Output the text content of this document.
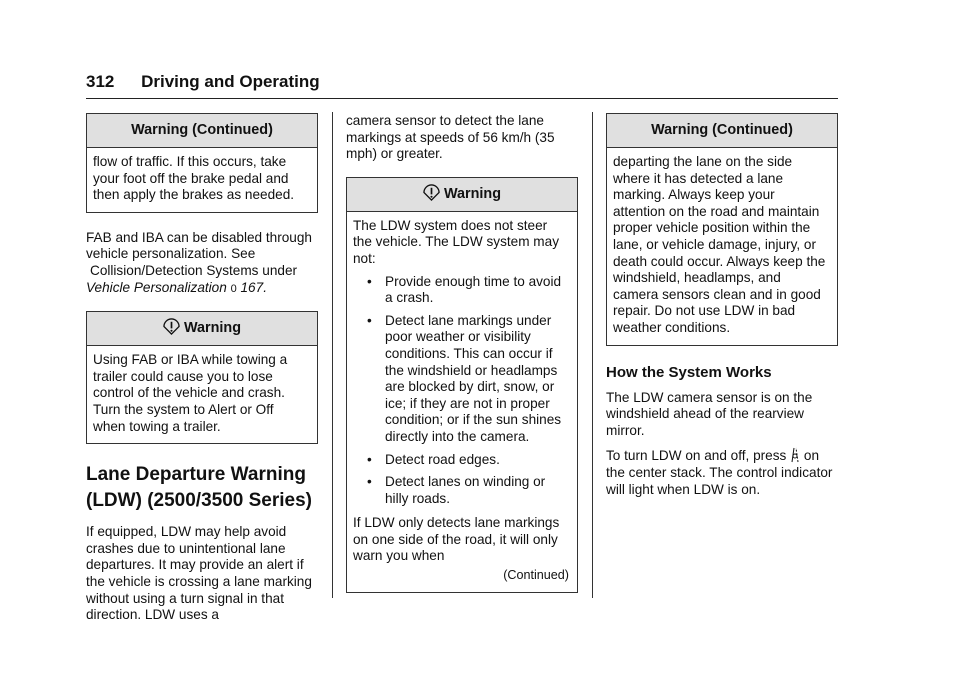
312 Driving and Operating
Warning (Continued)
flow of traffic. If this occurs, take your foot off the brake pedal and then apply the brakes as needed.

FAB and IBA can be disabled through vehicle personalization. See Collision/Detection Systems under Vehicle Personalization 0 167.

Warning
Using FAB or IBA while towing a trailer could cause you to lose control of the vehicle and crash. Turn the system to Alert or Off when towing a trailer.
Lane Departure Warning (LDW) (2500/3500 Series)

If equipped, LDW may help avoid crashes due to unintentional lane departures. It may provide an alert if the vehicle is crossing a lane marking without using a turn signal in that direction. LDW uses a

camera sensor to detect the lane markings at speeds of 56 km/h (35 mph) or greater.

Warning

The LDW system does not steer the vehicle. The LDW system may not:

• Provide enough time to avoid a crash.
• Detect lane markings under poor weather or visibility conditions. This can occur if the windshield or headlamps are blocked by dirt, snow, or ice; if they are not in proper condition; or if the sun shines directly into the camera.
• Detect road edges.
• Detect lanes on winding or hilly roads.

If LDW only detects lane markings on one side of the road, it will only warn you when

(Continued)
Warning (Continued)
departing the lane on the side where it has detected a lane marking. Always keep your attention on the road and maintain proper vehicle position within the lane, or vehicle damage, injury, or death could occur. Always keep the windshield, headlamps, and camera sensors clean and in good repair. Do not use LDW in bad weather conditions.
How the System Works

The LDW camera sensor is on the windshield ahead of the rearview mirror.

To turn LDW on and off, press on the center stack. The control indicator will light when LDW is on.
